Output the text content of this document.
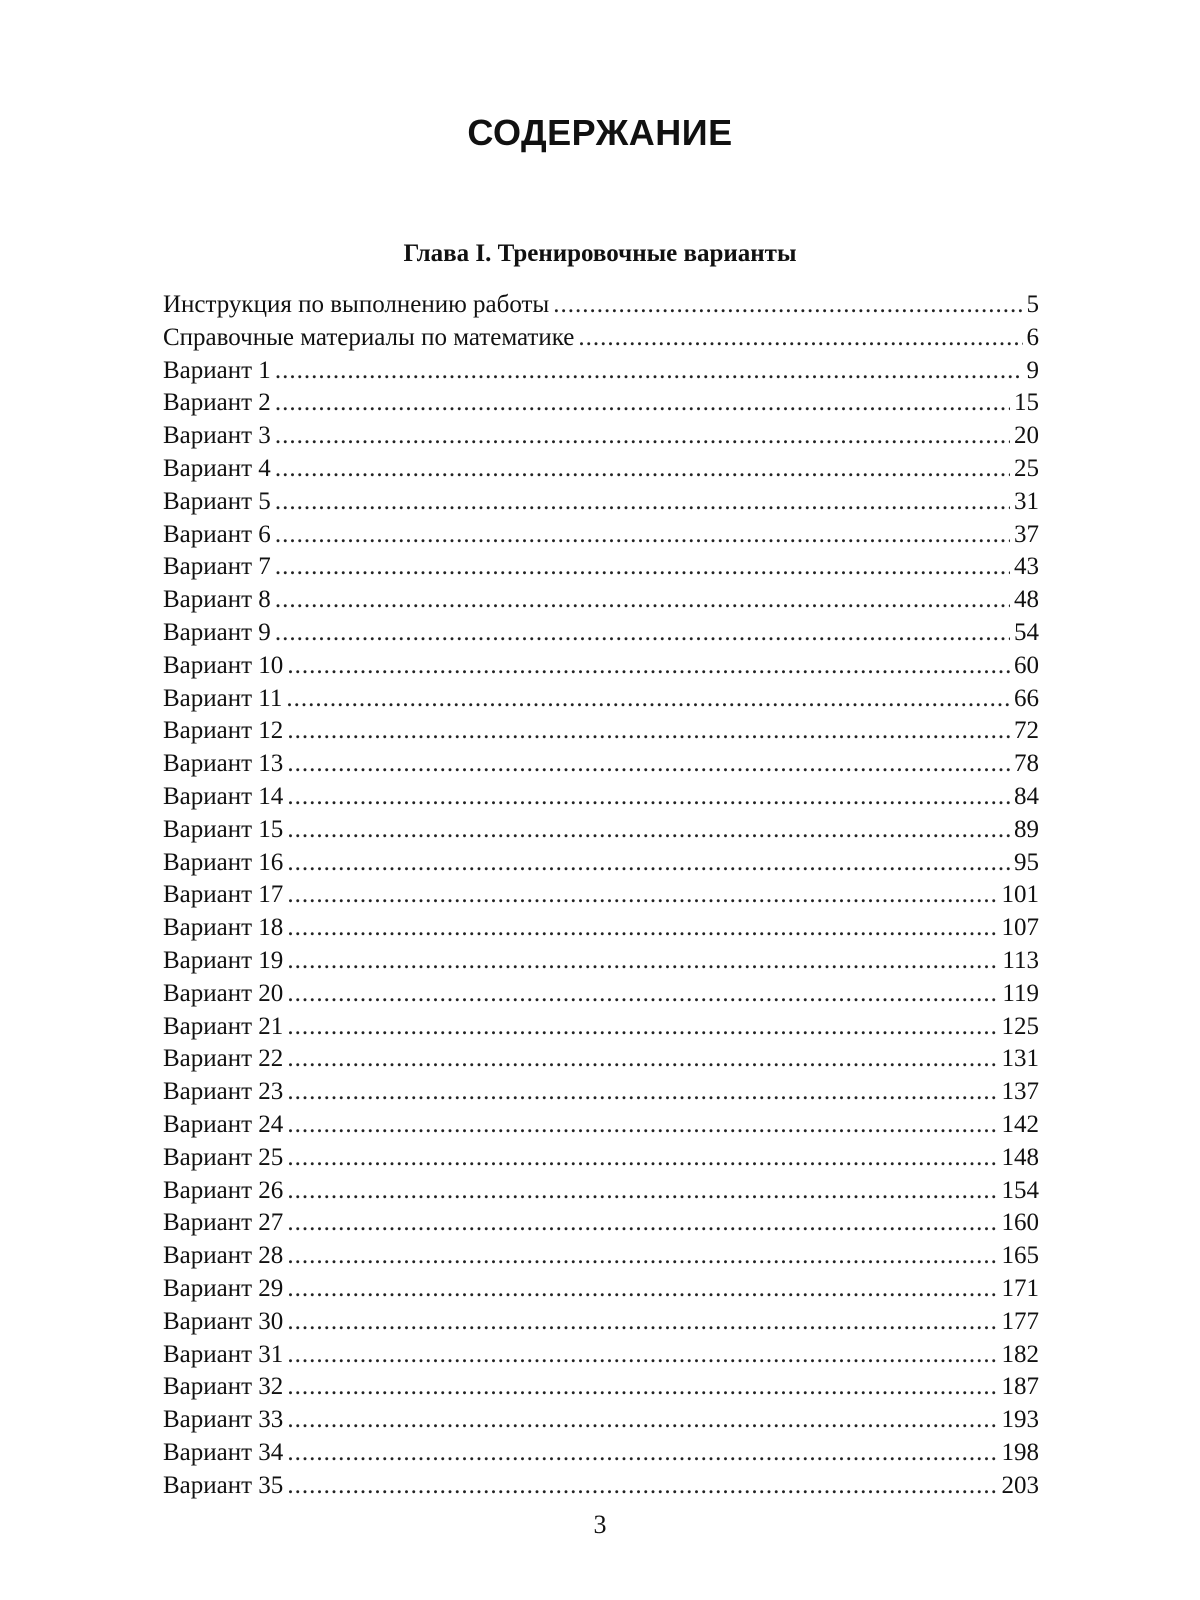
СОДЕРЖАНИЕ
Глава I. Тренировочные варианты
Инструкция по выполнению работы .....	5
Справочные материалы по математике .....	6
Вариант 1 .....	9
Вариант 2 .....	15
Вариант 3 .....	20
Вариант 4 .....	25
Вариант 5 .....	31
Вариант 6 .....	37
Вариант 7 .....	43
Вариант 8 .....	48
Вариант 9 .....	54
Вариант 10 .....	60
Вариант 11 .....	66
Вариант 12 .....	72
Вариант 13 .....	78
Вариант 14 .....	84
Вариант 15 .....	89
Вариант 16 .....	95
Вариант 17 .....	101
Вариант 18 .....	107
Вариант 19 .....	113
Вариант 20 .....	119
Вариант 21 .....	125
Вариант 22 .....	131
Вариант 23 .....	137
Вариант 24 .....	142
Вариант 25 .....	148
Вариант 26 .....	154
Вариант 27 .....	160
Вариант 28 .....	165
Вариант 29 .....	171
Вариант 30 .....	177
Вариант 31 .....	182
Вариант 32 .....	187
Вариант 33 .....	193
Вариант 34 .....	198
Вариант 35 .....	203
3
